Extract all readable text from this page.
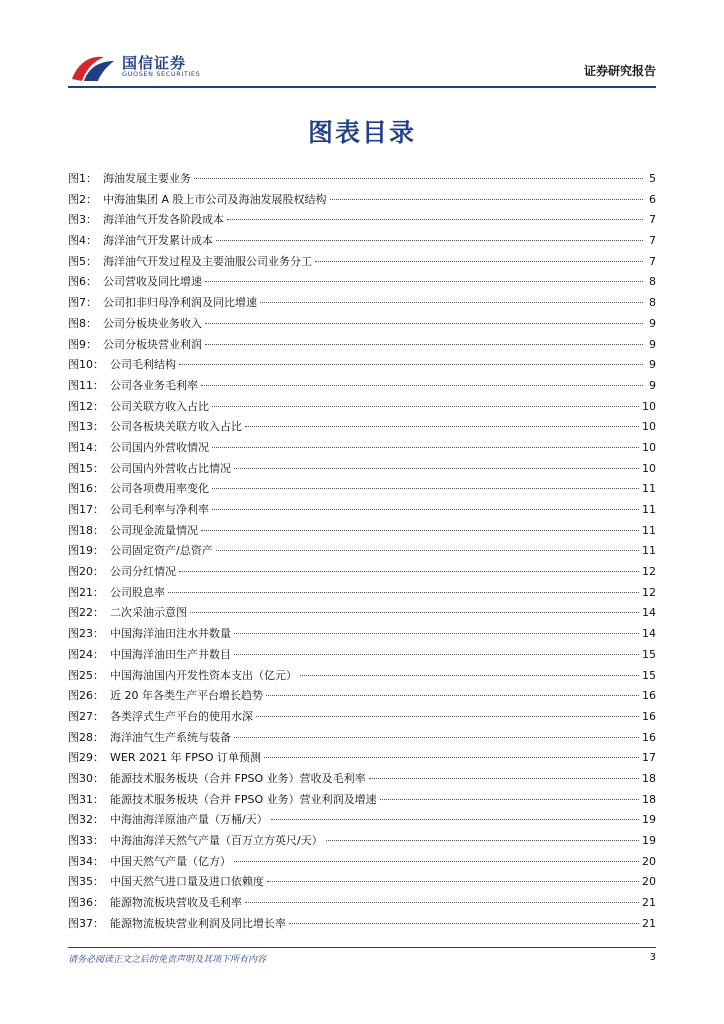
国信证券
GUOSEN SECURITIES	证券研究报告
图表目录
图1： 海油发展主要业务	5
图2： 中海油集团 A 股上市公司及海油发展股权结构	6
图3： 海洋油气开发各阶段成本	7
图4： 海洋油气开发累计成本	7
图5： 海洋油气开发过程及主要油服公司业务分工	7
图6： 公司营收及同比增速	8
图7： 公司扣非归母净利润及同比增速	8
图8： 公司分板块业务收入	9
图9： 公司分板块营业利润	9
图10： 公司毛利结构	9
图11： 公司各业务毛利率	9
图12： 公司关联方收入占比	10
图13： 公司各板块关联方收入占比	10
图14： 公司国内外营收情况	10
图15： 公司国内外营收占比情况	10
图16： 公司各项费用率变化	11
图17： 公司毛利率与净利率	11
图18： 公司现金流量情况	11
图19： 公司固定资产/总资产	11
图20： 公司分红情况	12
图21： 公司股息率	12
图22： 二次采油示意图	14
图23： 中国海洋油田注水井数量	14
图24： 中国海洋油田生产井数目	15
图25： 中国海油国内开发性资本支出（亿元）	15
图26： 近 20 年各类生产平台增长趋势	16
图27： 各类浮式生产平台的使用水深	16
图28： 海洋油气生产系统与装备	16
图29： WER 2021 年 FPSO 订单预测	17
图30： 能源技术服务板块（合并 FPSO 业务）营收及毛利率	18
图31： 能源技术服务板块（合并 FPSO 业务）营业利润及增速	18
图32： 中海油海洋原油产量（万桶/天）	19
图33： 中海油海洋天然气产量（百万立方英尺/天）	19
图34： 中国天然气产量（亿方）	20
图35： 中国天然气进口量及进口依赖度	20
图36： 能源物流板块营收及毛利率	21
图37： 能源物流板块营业利润及同比增长率	21
请务必阅读正文之后的免责声明及其项下所有内容	3
